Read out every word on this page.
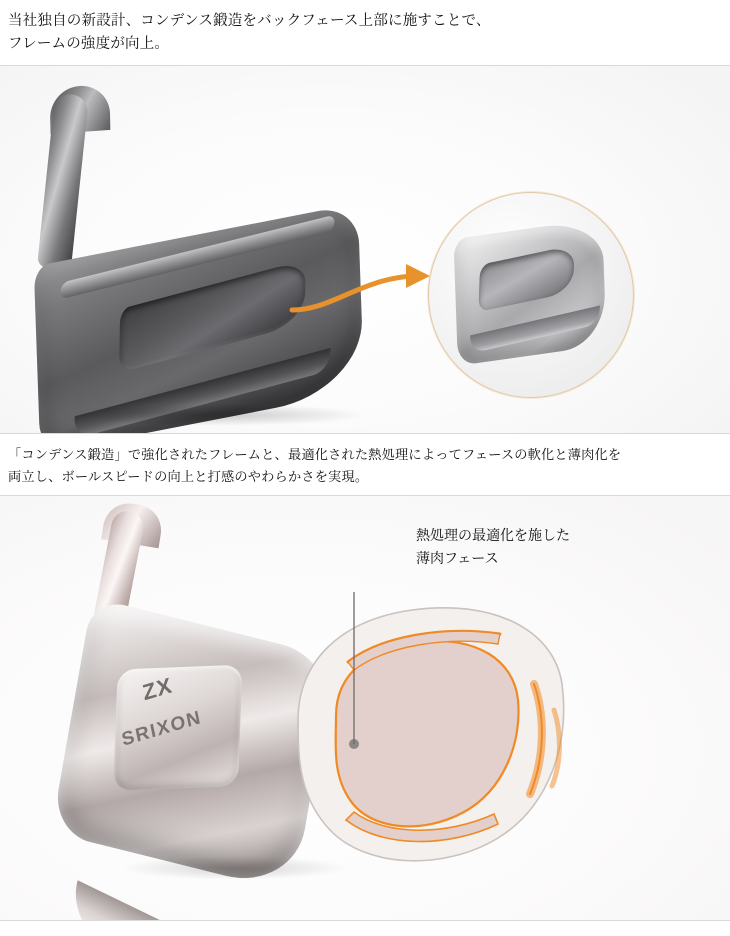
当社独自の新設計、コンデンス鍛造をバックフェース上部に施すことで、
フレームの強度が向上。
「コンデンス鍛造」で強化されたフレームと、最適化された熱処理によってフェースの軟化と薄肉化を
両立し、ボールスピードの向上と打感のやわらかさを実現。
ZX
SRIXON
熱処理の最適化を施した
薄肉フェース
